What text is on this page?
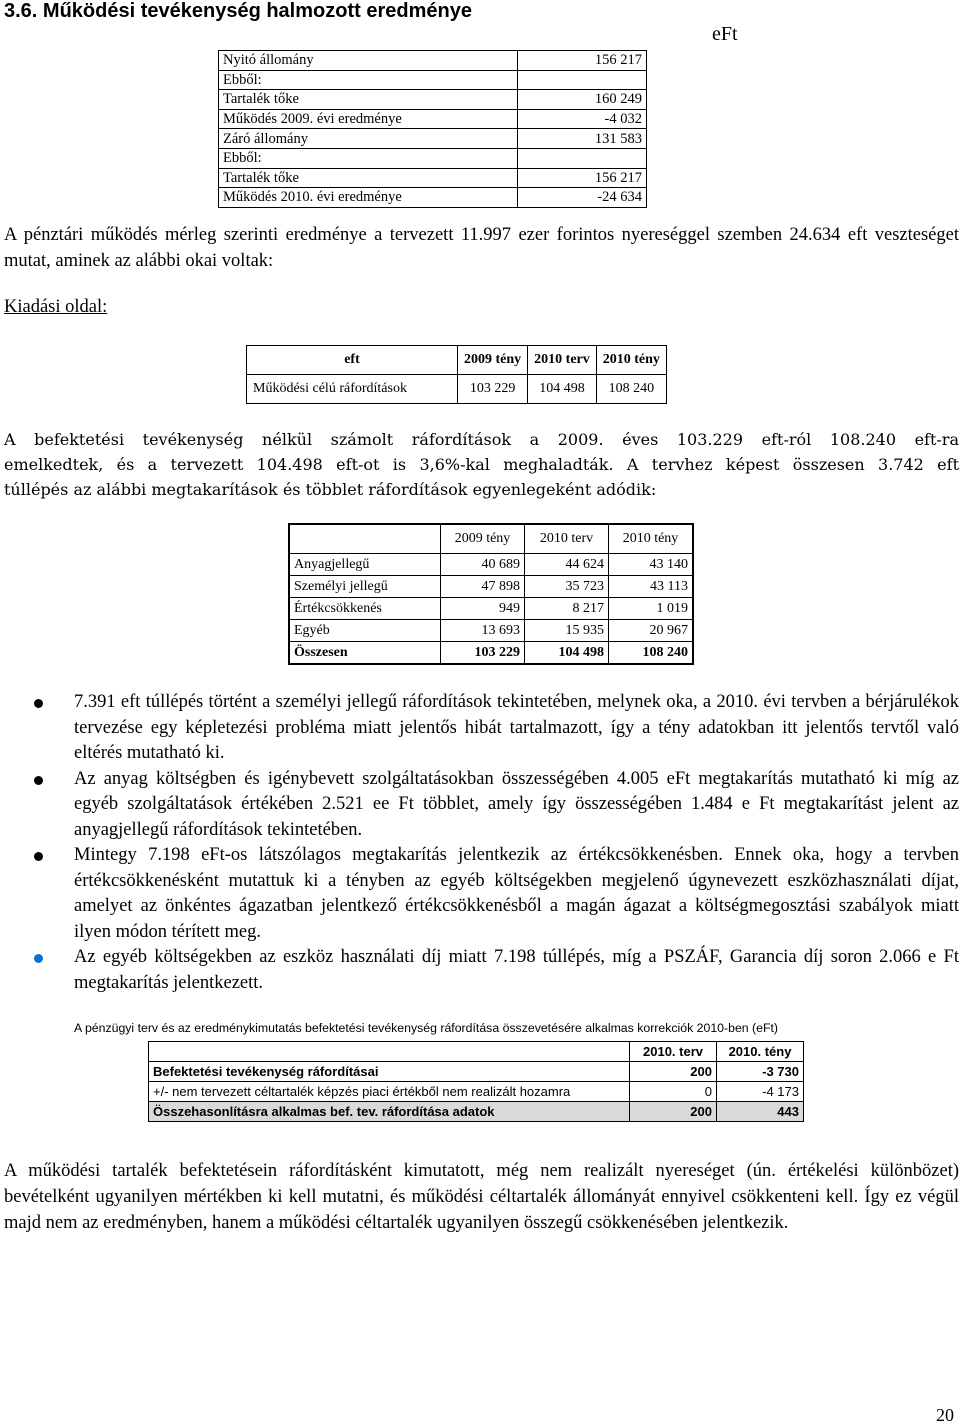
3.6. Működési tevékenység halmozott eredménye
eFt
Nyitó állomány	156 217
Ebből:	
Tartalék tőke	160 249
Működés 2009. évi eredménye	-4 032
Záró állomány	131 583
Ebből:	
Tartalék tőke	156 217
Működés 2010. évi eredménye	-24 634
A pénztári működés mérleg szerinti eredménye a tervezett 11.997 ezer forintos nyereséggel szemben 24.634 eft veszteséget mutat, aminek az alábbi okai voltak:
Kiadási oldal:
eft	2009 tény	2010 terv	2010 tény
Működési célú ráfordítások	103 229	104 498	108 240
A befektetési tevékenység nélkül számolt ráfordítások a 2009. éves 103.229 eft-ról 108.240 eft-ra
emelkedtek, és a tervezett 104.498 eft-ot is 3,6%-kal meghaladták. A tervhez képest összesen 3.742 eft
túllépés az alábbi megtakarítások és többlet ráfordítások egyenlegeként adódik:
	2009 tény	2010 terv	2010 tény
Anyagjellegű	40 689	44 624	43 140
Személyi jellegű	47 898	35 723	43 113
Értékcsökkenés	949	8 217	1 019
Egyéb	13 693	15 935	20 967
Összesen	103 229	104 498	108 240
7.391 eft túllépés történt a személyi jellegű ráfordítások tekintetében, melynek oka, a 2010. évi tervben a bérjárulékok tervezése egy képletezési probléma miatt jelentős hibát tartalmazott, így a tény adatokban itt jelentős tervtől való eltérés mutatható ki.
Az anyag költségben és igénybevett szolgáltatásokban összességében 4.005 eFt megtakarítás mutatható ki míg az egyéb szolgáltatások értékében 2.521 ee Ft többlet, amely így összességében 1.484 e Ft megtakarítást jelent az anyagjellegű ráfordítások tekintetében.
Mintegy 7.198 eFt-os látszólagos megtakarítás jelentkezik az értékcsökkenésben. Ennek oka, hogy a tervben értékcsökkenésként mutattuk ki a tényben az egyéb költségekben megjelenő úgynevezett eszközhasználati díjat, amelyet az önkéntes ágazatban jelentkező értékcsökkenésből a magán ágazat a költségmegosztási szabályok miatt ilyen módon térített meg.
Az egyéb költségekben az eszköz használati díj miatt 7.198 túllépés, míg a PSZÁF, Garancia díj soron 2.066 e Ft megtakarítás jelentkezett.
A pénzügyi terv és az eredménykimutatás befektetési tevékenység ráfordítása összevetésére alkalmas korrekciók 2010-ben (eFt)
	2010. terv	2010. tény
Befektetési tevékenység ráfordításai	200	-3 730
+/- nem tervezett céltartalék képzés piaci értékből nem realizált hozamra	0	-4 173
Összehasonlításra alkalmas bef. tev. ráfordítása adatok	200	443
A működési tartalék befektetésein ráfordításként kimutatott, még nem realizált nyereséget (ún. értékelési különbözet) bevételként ugyanilyen mértékben ki kell mutatni, és működési céltartalék állományát ennyivel csökkenteni kell. Így ez végül majd nem az eredményben, hanem a működési céltartalék ugyanilyen összegű csökkenésében jelentkezik.
20
